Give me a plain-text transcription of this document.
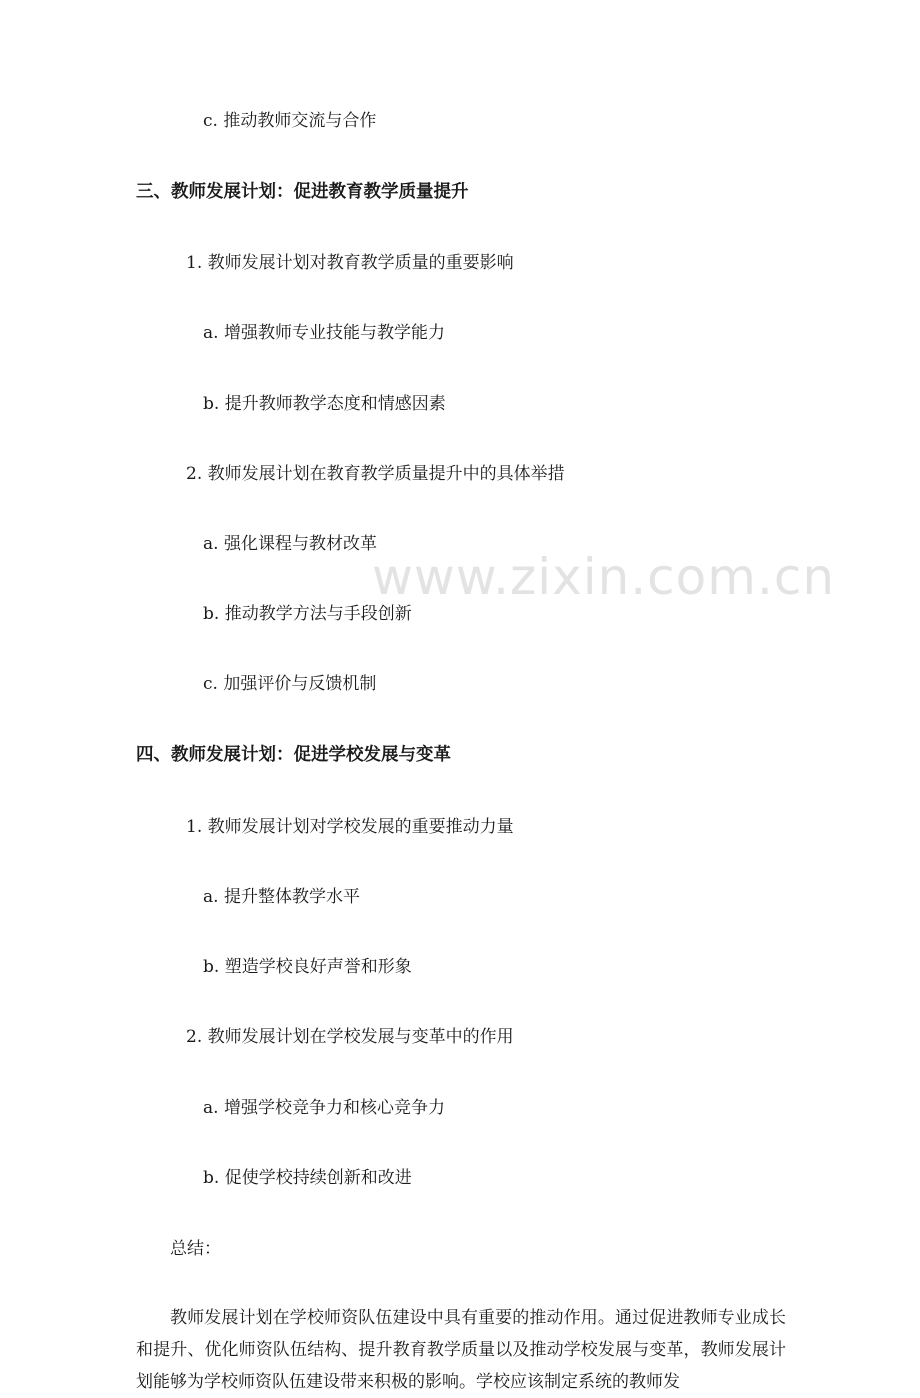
www.zixin.com.cn
c. 推动教师交流与合作
三、教师发展计划：促进教育教学质量提升
1. 教师发展计划对教育教学质量的重要影响
a. 增强教师专业技能与教学能力
b. 提升教师教学态度和情感因素
2. 教师发展计划在教育教学质量提升中的具体举措
a. 强化课程与教材改革
b. 推动教学方法与手段创新
c. 加强评价与反馈机制
四、教师发展计划：促进学校发展与变革
1. 教师发展计划对学校发展的重要推动力量
a. 提升整体教学水平
b. 塑造学校良好声誉和形象
2. 教师发展计划在学校发展与变革中的作用
a. 增强学校竞争力和核心竞争力
b. 促使学校持续创新和改进
总结：
教师发展计划在学校师资队伍建设中具有重要的推动作用。通过促进教师专业成长和提升、优化师资队伍结构、提升教育教学质量以及推动学校发展与变革，教师发展计划能够为学校师资队伍建设带来积极的影响。学校应该制定系统的教师发
